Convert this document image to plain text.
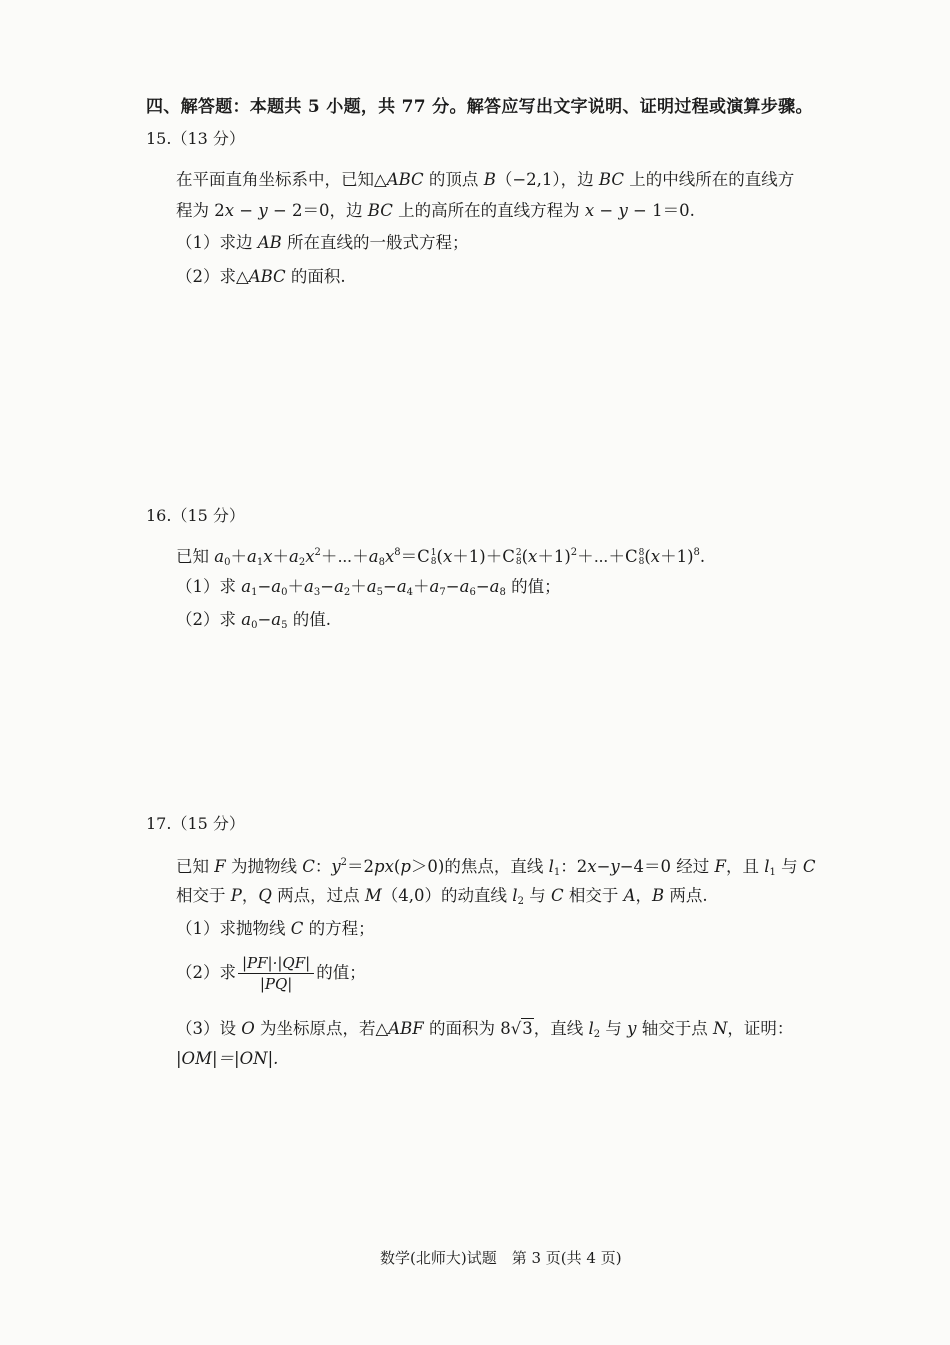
四、解答题：本题共 5 小题，共 77 分。解答应写出文字说明、证明过程或演算步骤。
15.（13 分）
在平面直角坐标系中，已知△ABC 的顶点 B（−2,1），边 BC 上的中线所在的直线方
程为 2x − y − 2＝0，边 BC 上的高所在的直线方程为 x − y − 1＝0.
（1）求边 AB 所在直线的一般式方程；
（2）求△ABC 的面积.
16.（15 分）
已知 $a_0+a_1x+a_2x^2+\cdots+a_8x^8=C$ 1
8 (x＋1)＋C 2
8 $(x+1)^2+\cdots+C$ 8
8 $(x+1)^8$.
（1）求 $a_1-a_0+a_3-a_2+a_5-a_4+a_7-a_6-a_8$ 的值；
（2）求 $a_0-a_5$ 的值.
17.（15 分）
已知 F 为抛物线 C：$y^2=2px(p>0)$的焦点，直线 $l_1$：2x−y−4＝0 经过 F，且 $l_1$ 与 C
相交于 P，Q 两点，过点 M（4,0）的动直线 $l_2$ 与 C 相交于 A，B 两点.
（1）求抛物线 C 的方程；
（2）求 $\frac{|PF|\cdot|QF|}{|PQ|}$ 的值；
（3）设 O 为坐标原点，若△ABF 的面积为 8√3，直线 $l_2$ 与 y 轴交于点 N，证明：
|OM|＝|ON|.
数学(北师大)试题　第 3 页(共 4 页)
